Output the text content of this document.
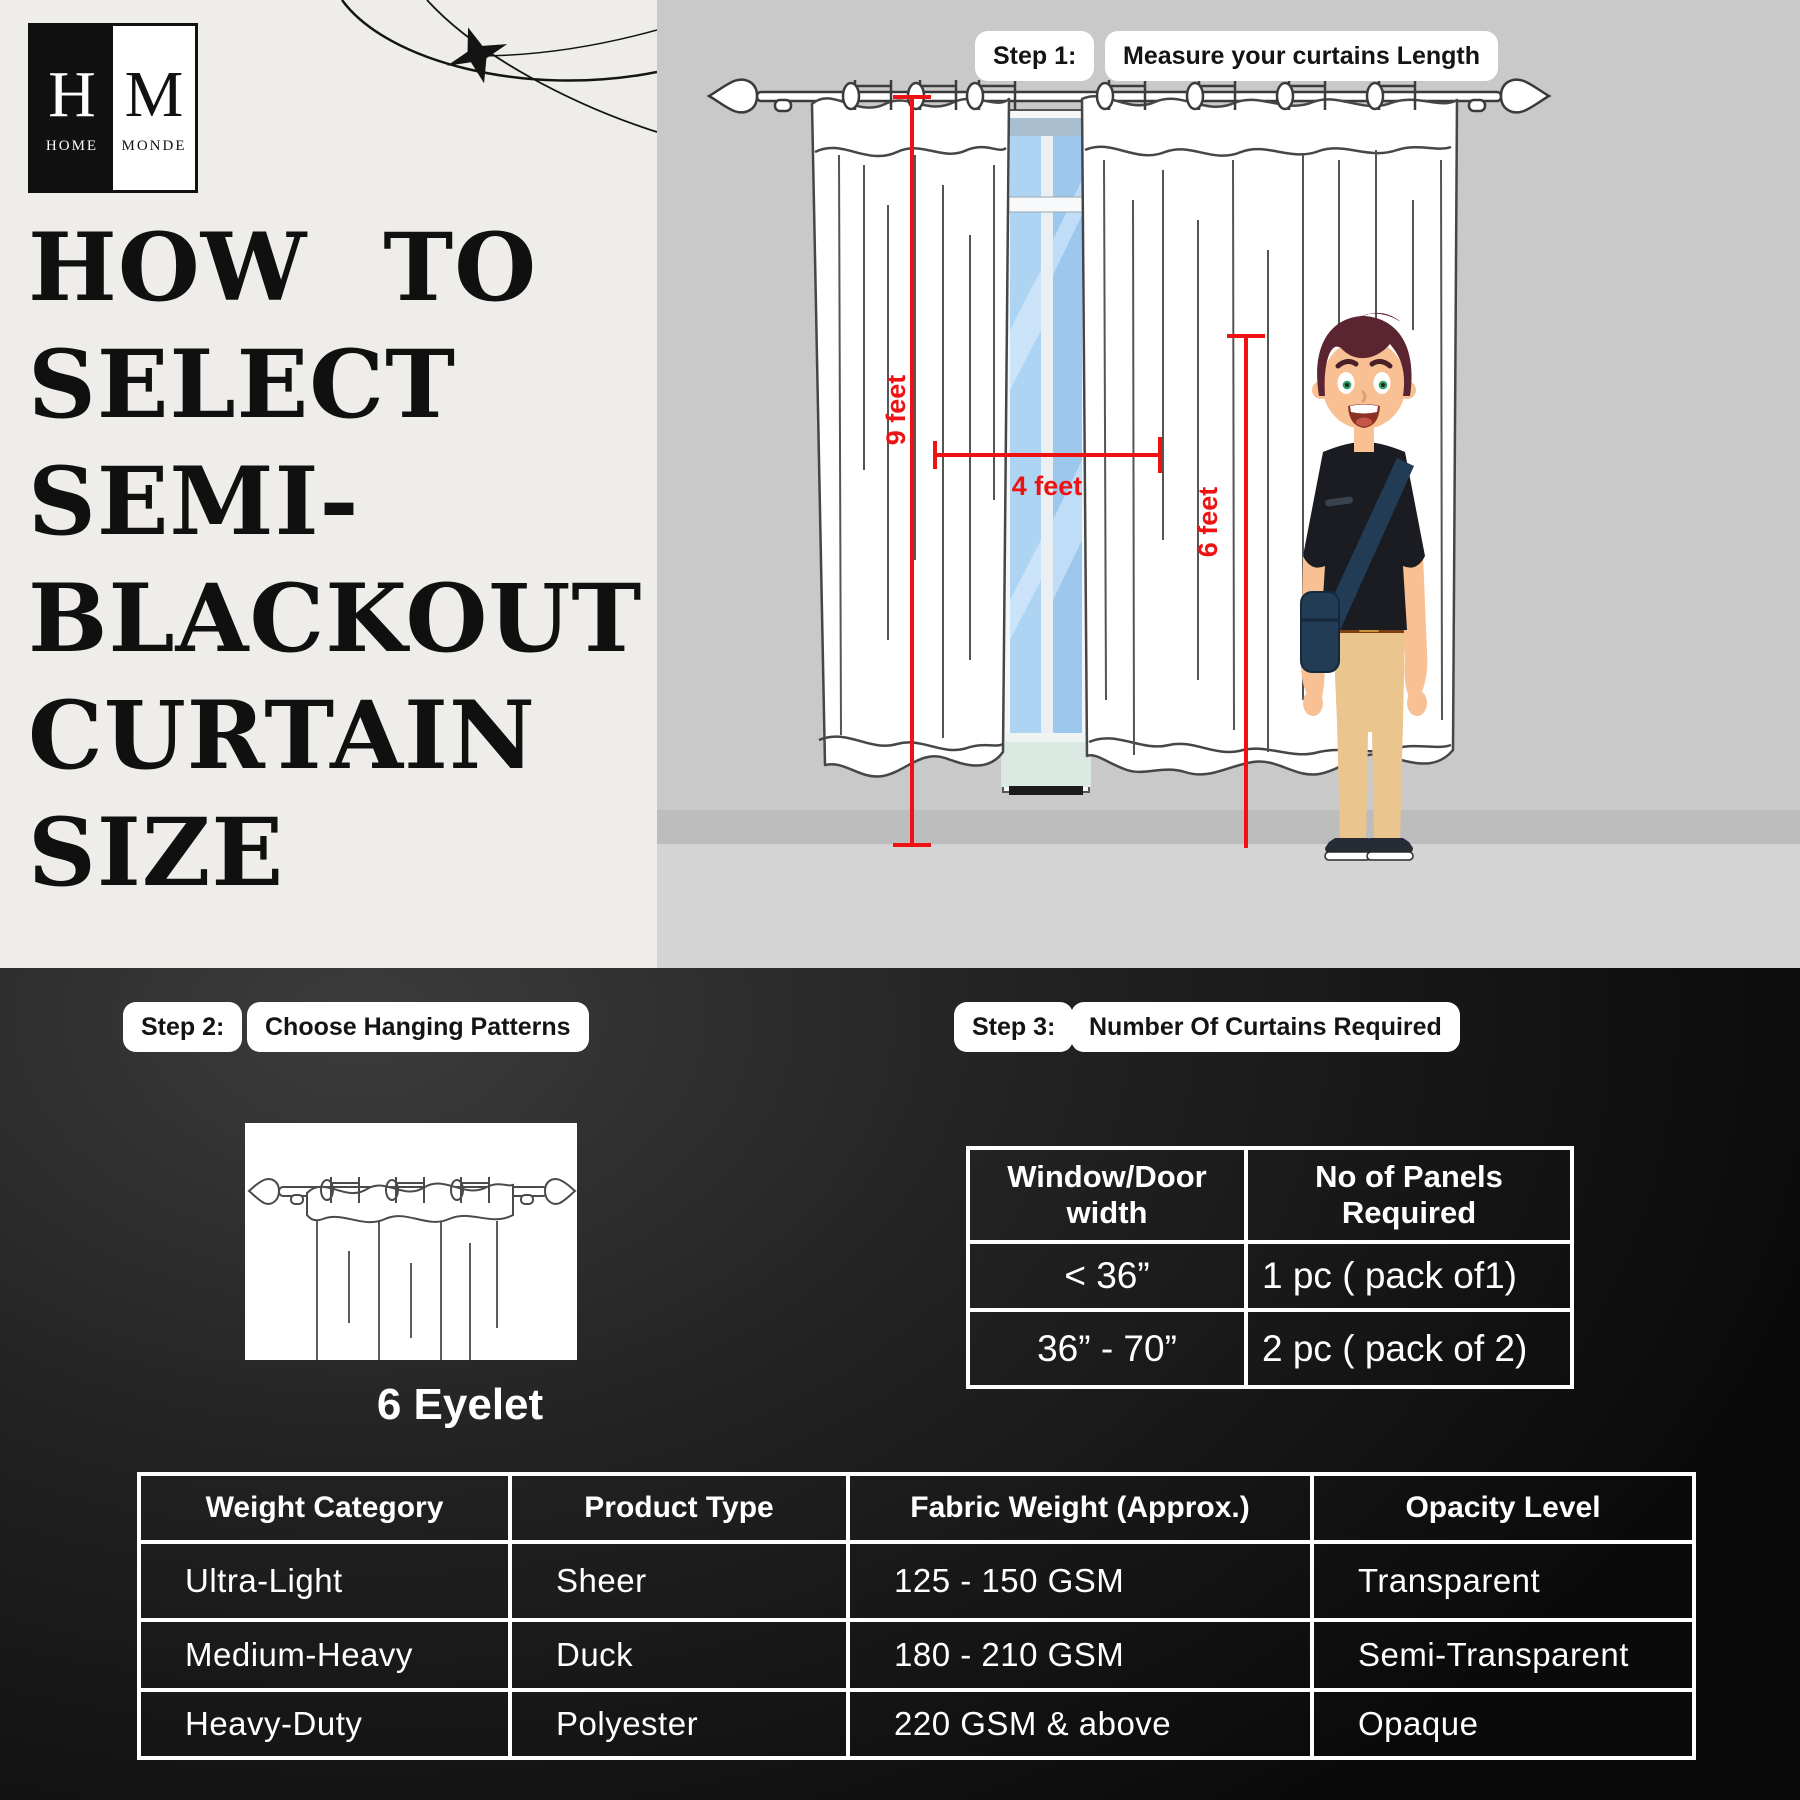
H
HOME
M
MONDE
HOW TO
SELECT
SEMI-
BLACKOUT
CURTAIN
SIZE
9 feet
4 feet
6 feet
Step 1:	Measure your curtains Length
Step 2:	Choose Hanging Patterns	Step 3:	Number Of Curtains Required
6 Eyelet
Window/Door width	No of Panels Required
< 36”	1 pc ( pack of1)
36” - 70”	2 pc ( pack of 2)
Weight Category	Product Type	Fabric Weight (Approx.)	Opacity Level
Ultra-Light	Sheer	125 - 150 GSM	Transparent
Medium-Heavy	Duck	180 - 210 GSM	Semi-Transparent
Heavy-Duty	Polyester	220 GSM & above	Opaque
